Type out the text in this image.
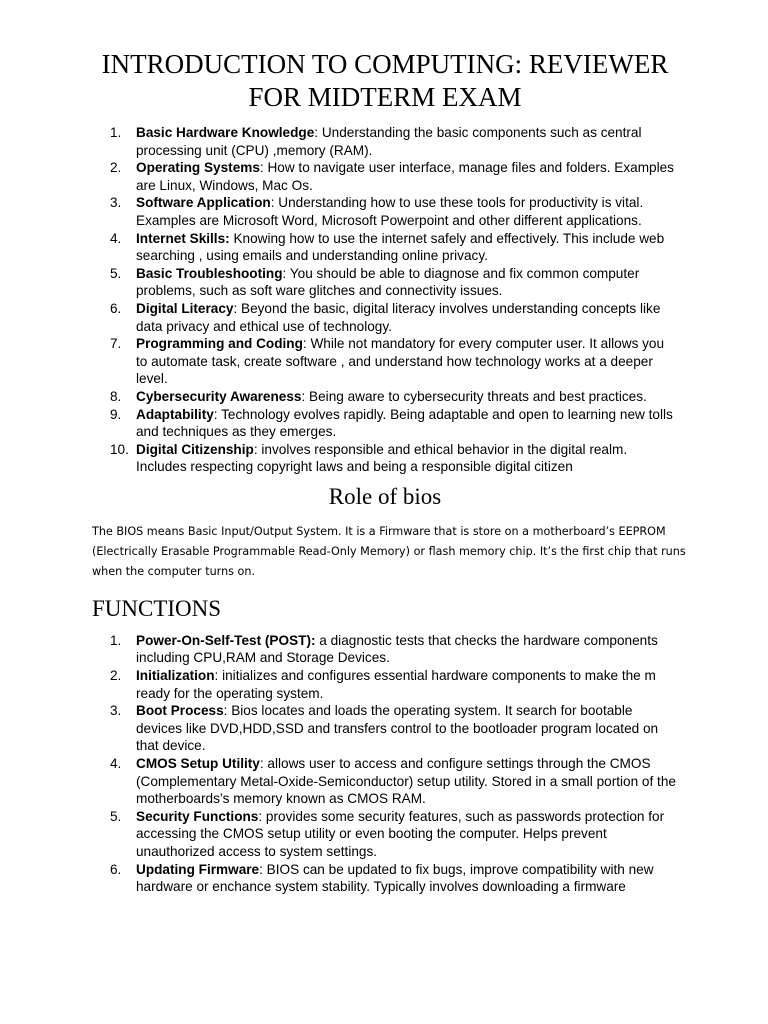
INTRODUCTION TO COMPUTING: REVIEWER FOR MIDTERM EXAM
1.	Basic Hardware Knowledge: Understanding the basic components such as central processing unit (CPU) ,memory (RAM).
2.	Operating Systems: How to navigate user interface, manage files and folders. Examples are Linux, Windows, Mac Os.
3.	Software Application: Understanding how to use these tools for productivity is vital. Examples are Microsoft Word, Microsoft Powerpoint and other different applications.
4.	Internet Skills: Knowing how to use the internet safely and effectively. This include web searching , using emails and understanding online privacy.
5.	Basic Troubleshooting: You should be able to diagnose and fix common computer problems, such as soft ware glitches and connectivity issues.
6.	Digital Literacy: Beyond the basic, digital literacy involves understanding concepts like data privacy and ethical use of technology.
7.	Programming and Coding: While not mandatory for every computer user. It allows you to automate task, create software , and understand how technology works at a deeper level.
8.	Cybersecurity Awareness: Being aware to cybersecurity threats and best practices.
9.	Adaptability: Technology evolves rapidly. Being adaptable and open to learning new tolls and techniques as they emerges.
10. Digital Citizenship: involves responsible and ethical behavior in the digital realm. Includes respecting copyright laws and being a responsible digital citizen
Role of bios

The BIOS means Basic Input/Output System. It is a Firmware that is store on a motherboard’s EEPROM (Electrically Erasable Programmable Read-Only Memory) or flash memory chip. It’s the first chip that runs when the computer turns on.

FUNCTIONS
1.	Power-On-Self-Test (POST): a diagnostic tests that checks the hardware components including CPU,RAM and Storage Devices.
2.	Initialization: initializes and configures essential hardware components to make the m ready for the operating system.
3.	Boot Process: Bios locates and loads the operating system. It search for bootable devices like DVD,HDD,SSD and transfers control to the bootloader program located on that device.
4.	CMOS Setup Utility: allows user to access and configure settings through the CMOS (Complementary Metal-Oxide-Semiconductor) setup utility. Stored in a small portion of the motherboards’s memory known as CMOS RAM.
5.	Security Functions: provides some security features, such as passwords protection for accessing the CMOS setup utility or even booting the computer. Helps prevent unauthorized access to system settings.
6.	Updating Firmware: BIOS can be updated to fix bugs, improve compatibility with new hardware or enchance system stability. Typically involves downloading a firmware
